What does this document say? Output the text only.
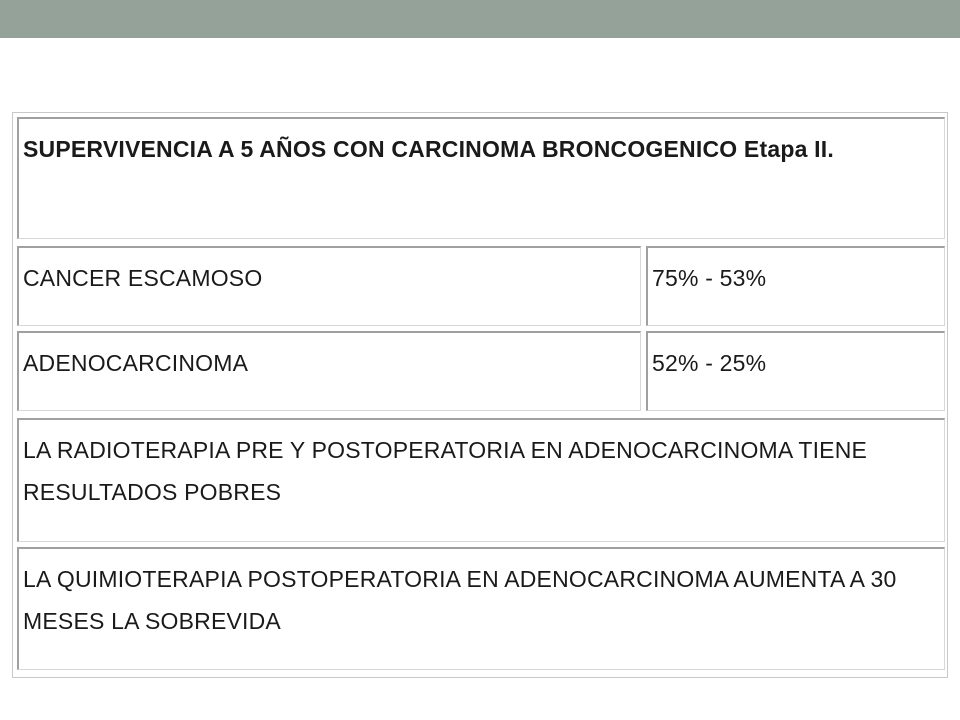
SUPERVIVENCIA A 5 AÑOS CON CARCINOMA BRONCOGENICO Etapa II.
CANCER ESCAMOSO	75% - 53%
ADENOCARCINOMA	52% - 25%
LA RADIOTERAPIA PRE Y POSTOPERATORIA EN ADENOCARCINOMA TIENE RESULTADOS POBRES
LA QUIMIOTERAPIA POSTOPERATORIA EN ADENOCARCINOMA AUMENTA A 30 MESES LA SOBREVIDA
